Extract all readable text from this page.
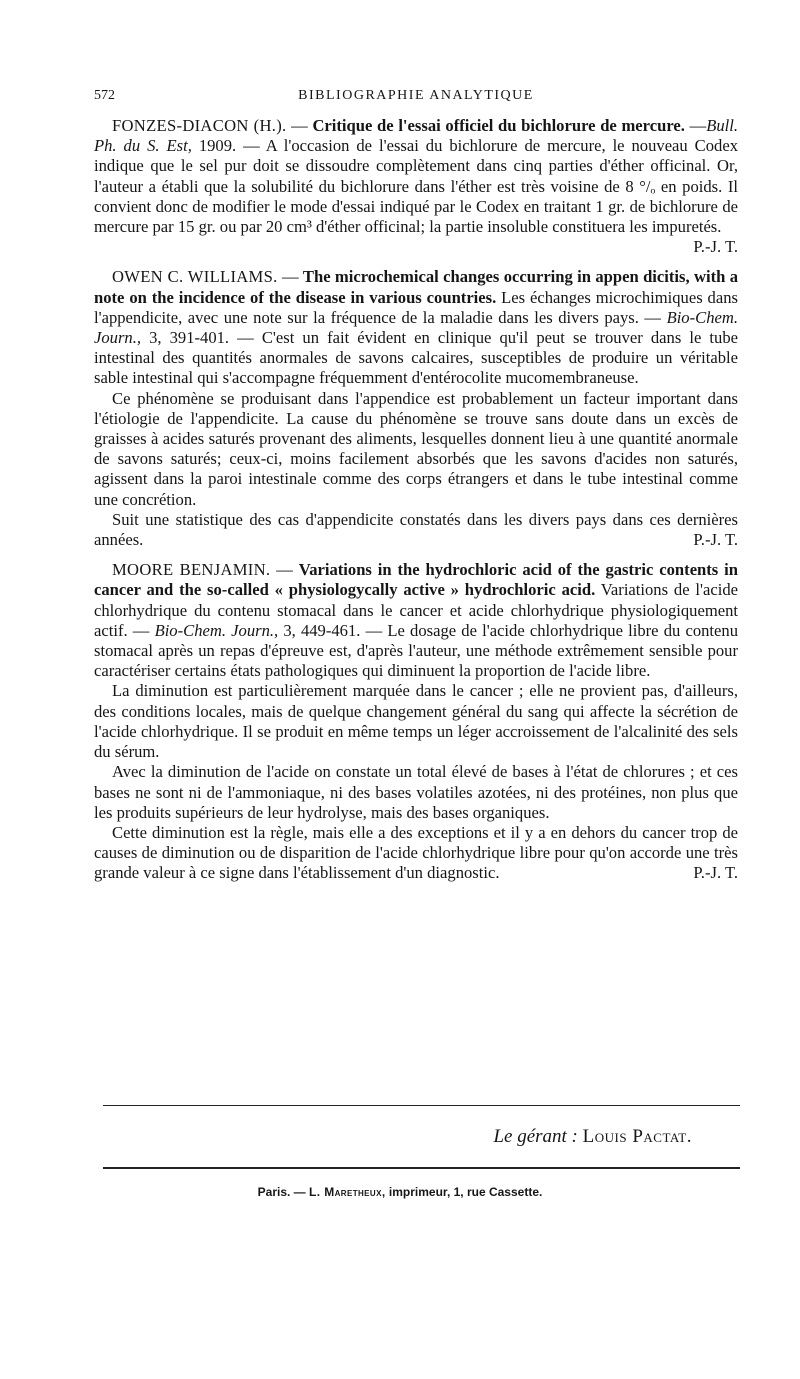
572	BIBLIOGRAPHIE ANALYTIQUE

FONZES-DIACON (H.). — Critique de l'essai officiel du bichlorure de mercure. —Bull. Ph. du S. Est, 1909. — A l'occasion de l'essai du bichlorure de mercure, le nouveau Codex indique que le sel pur doit se dissoudre complètement dans cinq parties d'éther officinal. Or, l'auteur a établi que la solubilité du bichlorure dans l'éther est très voisine de 8 °/ₒ en poids. Il convient donc de modifier le mode d'essai indiqué par le Codex en traitant 1 gr. de bichlorure de mercure par 15 gr. ou par 20 cm³ d'éther officinal; la partie insoluble constituera les impuretés.
P.-J. T.

OWEN C. WILLIAMS. — The microchemical changes occurring in appen dicitis, with a note on the incidence of the disease in various countries. Les échanges microchimiques dans l'appendicite, avec une note sur la fréquence de la maladie dans les divers pays. — Bio-Chem. Journ., 3, 391-401. — C'est un fait évident en clinique qu'il peut se trouver dans le tube intestinal des quantités anormales de savons calcaires, susceptibles de produire un véritable sable intestinal qui s'accompagne fréquemment d'entérocolite mucomembraneuse.

Ce phénomène se produisant dans l'appendice est probablement un facteur important dans l'étiologie de l'appendicite. La cause du phénomène se trouve sans doute dans un excès de graisses à acides saturés provenant des aliments, lesquelles donnent lieu à une quantité anormale de savons saturés; ceux-ci, moins facilement absorbés que les savons d'acides non saturés, agissent dans la paroi intestinale comme des corps étrangers et dans le tube intestinal comme une concrétion.

Suit une statistique des cas d'appendicite constatés dans les divers pays dans ces dernières années.	P.-J. T.

MOORE BENJAMIN. — Variations in the hydrochloric acid of the gastric contents in cancer and the so-called « physiologycally active » hydrochloric acid. Variations de l'acide chlorhydrique du contenu stomacal dans le cancer et acide chlorhydrique physiologiquement actif. — Bio-Chem. Journ., 3, 449-461. — Le dosage de l'acide chlorhydrique libre du contenu stomacal après un repas d'épreuve est, d'après l'auteur, une méthode extrêmement sensible pour caractériser certains états pathologiques qui diminuent la proportion de l'acide libre.

La diminution est particulièrement marquée dans le cancer ; elle ne provient pas, d'ailleurs, des conditions locales, mais de quelque changement général du sang qui affecte la sécrétion de l'acide chlorhydrique. Il se produit en même temps un léger accroissement de l'alcalinité des sels du sérum.

Avec la diminution de l'acide on constate un total élevé de bases à l'état de chlorures ; et ces bases ne sont ni de l'ammoniaque, ni des bases volatiles azotées, ni des protéines, non plus que les produits supérieurs de leur hydrolyse, mais des bases organiques.

Cette diminution est la règle, mais elle a des exceptions et il y a en dehors du cancer trop de causes de diminution ou de disparition de l'acide chlorhydrique libre pour qu'on accorde une très grande valeur à ce signe dans l'établissement d'un diagnostic.	P.-J. T.

Le gérant : Louis Pactat.
Paris. — L. Maretheux, imprimeur, 1, rue Cassette.
